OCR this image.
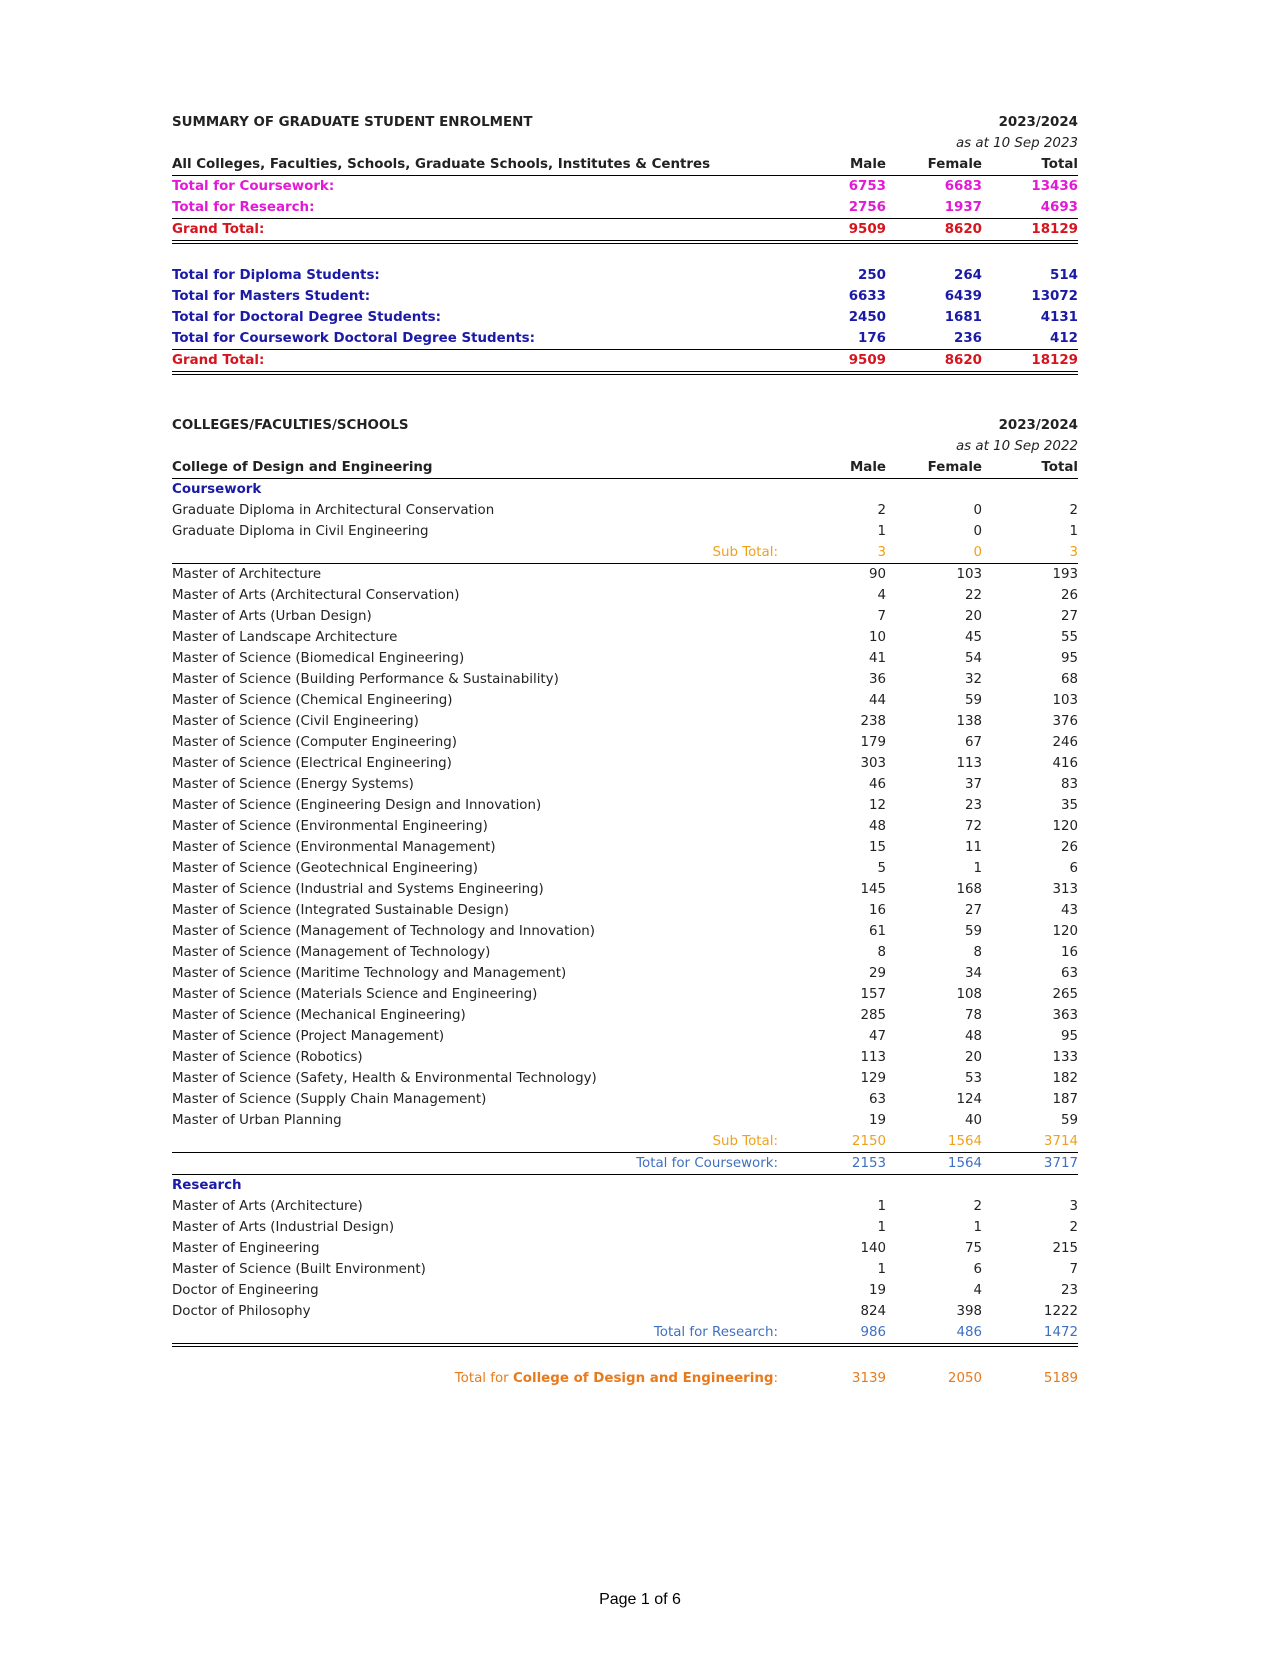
SUMMARY OF GRADUATE STUDENT ENROLMENT	2023/2024
as at 10 Sep 2023
All Colleges, Faculties, Schools, Graduate Schools, Institutes & Centres	Male	Female	Total
Total for Coursework:	6753	6683	13436
Total for Research:	2756	1937	4693
Grand Total:	9509	8620	18129
Total for Diploma Students:	250	264	514
Total for Masters Student:	6633	6439	13072
Total for Doctoral Degree Students:	2450	1681	4131
Total for Coursework Doctoral Degree Students:	176	236	412
Grand Total:	9509	8620	18129
COLLEGES/FACULTIES/SCHOOLS	2023/2024
as at 10 Sep 2022
College of Design and Engineering	Male	Female	Total
Coursework
Graduate Diploma in Architectural Conservation	2	0	2
Graduate Diploma in Civil Engineering	1	0	1
Sub Total:	3	0	3
Master of Architecture	90	103	193
Master of Arts (Architectural Conservation)	4	22	26
Master of Arts (Urban Design)	7	20	27
Master of Landscape Architecture	10	45	55
Master of Science (Biomedical Engineering)	41	54	95
Master of Science (Building Performance & Sustainability)	36	32	68
Master of Science (Chemical Engineering)	44	59	103
Master of Science (Civil Engineering)	238	138	376
Master of Science (Computer Engineering)	179	67	246
Master of Science (Electrical Engineering)	303	113	416
Master of Science (Energy Systems)	46	37	83
Master of Science (Engineering Design and Innovation)	12	23	35
Master of Science (Environmental Engineering)	48	72	120
Master of Science (Environmental Management)	15	11	26
Master of Science (Geotechnical Engineering)	5	1	6
Master of Science (Industrial and Systems Engineering)	145	168	313
Master of Science (Integrated Sustainable Design)	16	27	43
Master of Science (Management of Technology and Innovation)	61	59	120
Master of Science (Management of Technology)	8	8	16
Master of Science (Maritime Technology and Management)	29	34	63
Master of Science (Materials Science and Engineering)	157	108	265
Master of Science (Mechanical Engineering)	285	78	363
Master of Science (Project Management)	47	48	95
Master of Science (Robotics)	113	20	133
Master of Science (Safety, Health & Environmental Technology)	129	53	182
Master of Science (Supply Chain Management)	63	124	187
Master of Urban Planning	19	40	59
Sub Total:	2150	1564	3714
Total for Coursework:	2153	1564	3717
Research
Master of Arts (Architecture)	1	2	3
Master of Arts (Industrial Design)	1	1	2
Master of Engineering	140	75	215
Master of Science (Built Environment)	1	6	7
Doctor of Engineering	19	4	23
Doctor of Philosophy	824	398	1222
Total for Research:	986	486	1472
Total for College of Design and Engineering:	3139	2050	5189
Page 1 of 6
